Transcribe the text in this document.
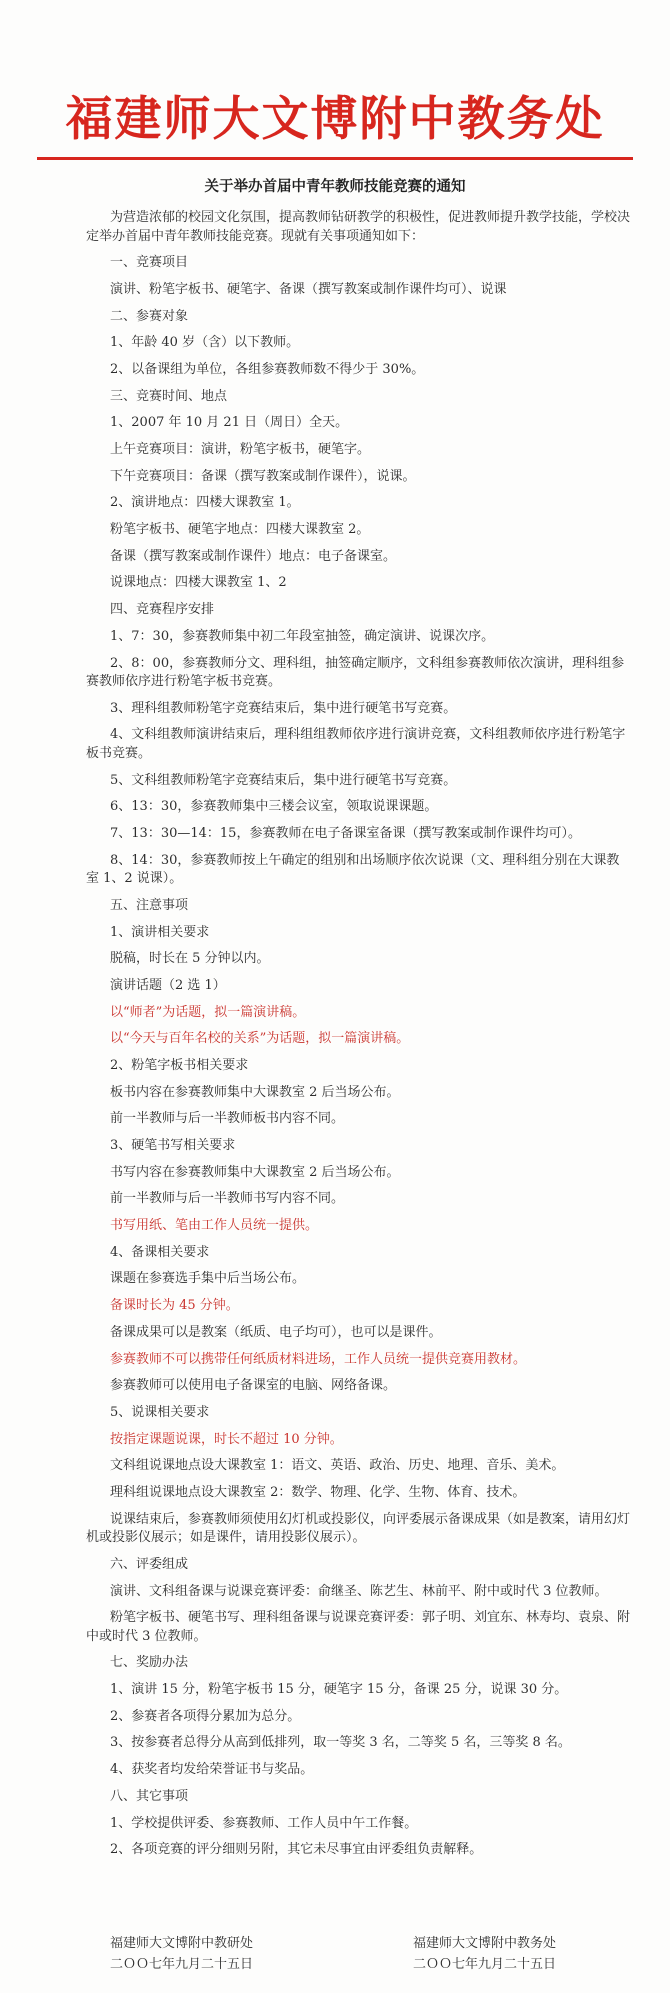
福建师大文博附中教务处
关于举办首届中青年教师技能竞赛的通知

为营造浓郁的校园文化氛围，提高教师钻研教学的积极性，促进教师提升教学技能，学校决定举办首届中青年教师技能竞赛。现就有关事项通知如下：

一、竞赛项目

演讲、粉笔字板书、硬笔字、备课（撰写教案或制作课件均可）、说课

二、参赛对象

1、年龄 40 岁（含）以下教师。

2、以备课组为单位，各组参赛教师数不得少于 30%。

三、竞赛时间、地点

1、2007 年 10 月 21 日（周日）全天。

上午竞赛项目：演讲，粉笔字板书，硬笔字。

下午竞赛项目：备课（撰写教案或制作课件），说课。

2、演讲地点：四楼大课教室 1。

粉笔字板书、硬笔字地点：四楼大课教室 2。

备课（撰写教案或制作课件）地点：电子备课室。

说课地点：四楼大课教室 1、2

四、竞赛程序安排

1、7：30，参赛教师集中初二年段室抽签，确定演讲、说课次序。

2、8：00，参赛教师分文、理科组，抽签确定顺序，文科组参赛教师依次演讲，理科组参赛教师依序进行粉笔字板书竞赛。

3、理科组教师粉笔字竞赛结束后，集中进行硬笔书写竞赛。

4、文科组教师演讲结束后，理科组组教师依序进行演讲竞赛，文科组教师依序进行粉笔字板书竞赛。

5、文科组教师粉笔字竞赛结束后，集中进行硬笔书写竞赛。

6、13：30，参赛教师集中三楼会议室，领取说课课题。

7、13：30—14：15，参赛教师在电子备课室备课（撰写教案或制作课件均可）。

8、14：30，参赛教师按上午确定的组别和出场顺序依次说课（文、理科组分别在大课教室 1、2 说课）。

五、注意事项

1、演讲相关要求

脱稿，时长在 5 分钟以内。

演讲话题（2 选 1）

以“师者”为话题，拟一篇演讲稿。

以“今天与百年名校的关系”为话题，拟一篇演讲稿。

2、粉笔字板书相关要求

板书内容在参赛教师集中大课教室 2 后当场公布。

前一半教师与后一半教师板书内容不同。

3、硬笔书写相关要求

书写内容在参赛教师集中大课教室 2 后当场公布。

前一半教师与后一半教师书写内容不同。

书写用纸、笔由工作人员统一提供。

4、备课相关要求

课题在参赛选手集中后当场公布。

备课时长为 45 分钟。

备课成果可以是教案（纸质、电子均可），也可以是课件。

参赛教师不可以携带任何纸质材料进场，工作人员统一提供竞赛用教材。

参赛教师可以使用电子备课室的电脑、网络备课。

5、说课相关要求

按指定课题说课，时长不超过 10 分钟。

文科组说课地点设大课教室 1：语文、英语、政治、历史、地理、音乐、美术。

理科组说课地点设大课教室 2：数学、物理、化学、生物、体育、技术。

说课结束后，参赛教师须使用幻灯机或投影仪，向评委展示备课成果（如是教案，请用幻灯机或投影仪展示；如是课件，请用投影仪展示）。

六、评委组成

演讲、文科组备课与说课竞赛评委：俞继圣、陈艺生、林前平、附中或时代 3 位教师。

粉笔字板书、硬笔书写、理科组备课与说课竞赛评委：郭子明、刘宜东、林寿均、袁泉、附中或时代 3 位教师。

七、奖励办法

1、演讲 15 分，粉笔字板书 15 分，硬笔字 15 分，备课 25 分，说课 30 分。

2、参赛者各项得分累加为总分。

3、按参赛者总得分从高到低排列，取一等奖 3 名，二等奖 5 名，三等奖 8 名。

4、获奖者均发给荣誉证书与奖品。

八、其它事项

1、学校提供评委、参赛教师、工作人员中午工作餐。

2、各项竞赛的评分细则另附，其它未尽事宜由评委组负责解释。

福建师大文博附中教研处
二ＯＯ七年九月二十五日
福建师大文博附中教务处
二ＯＯ七年九月二十五日
